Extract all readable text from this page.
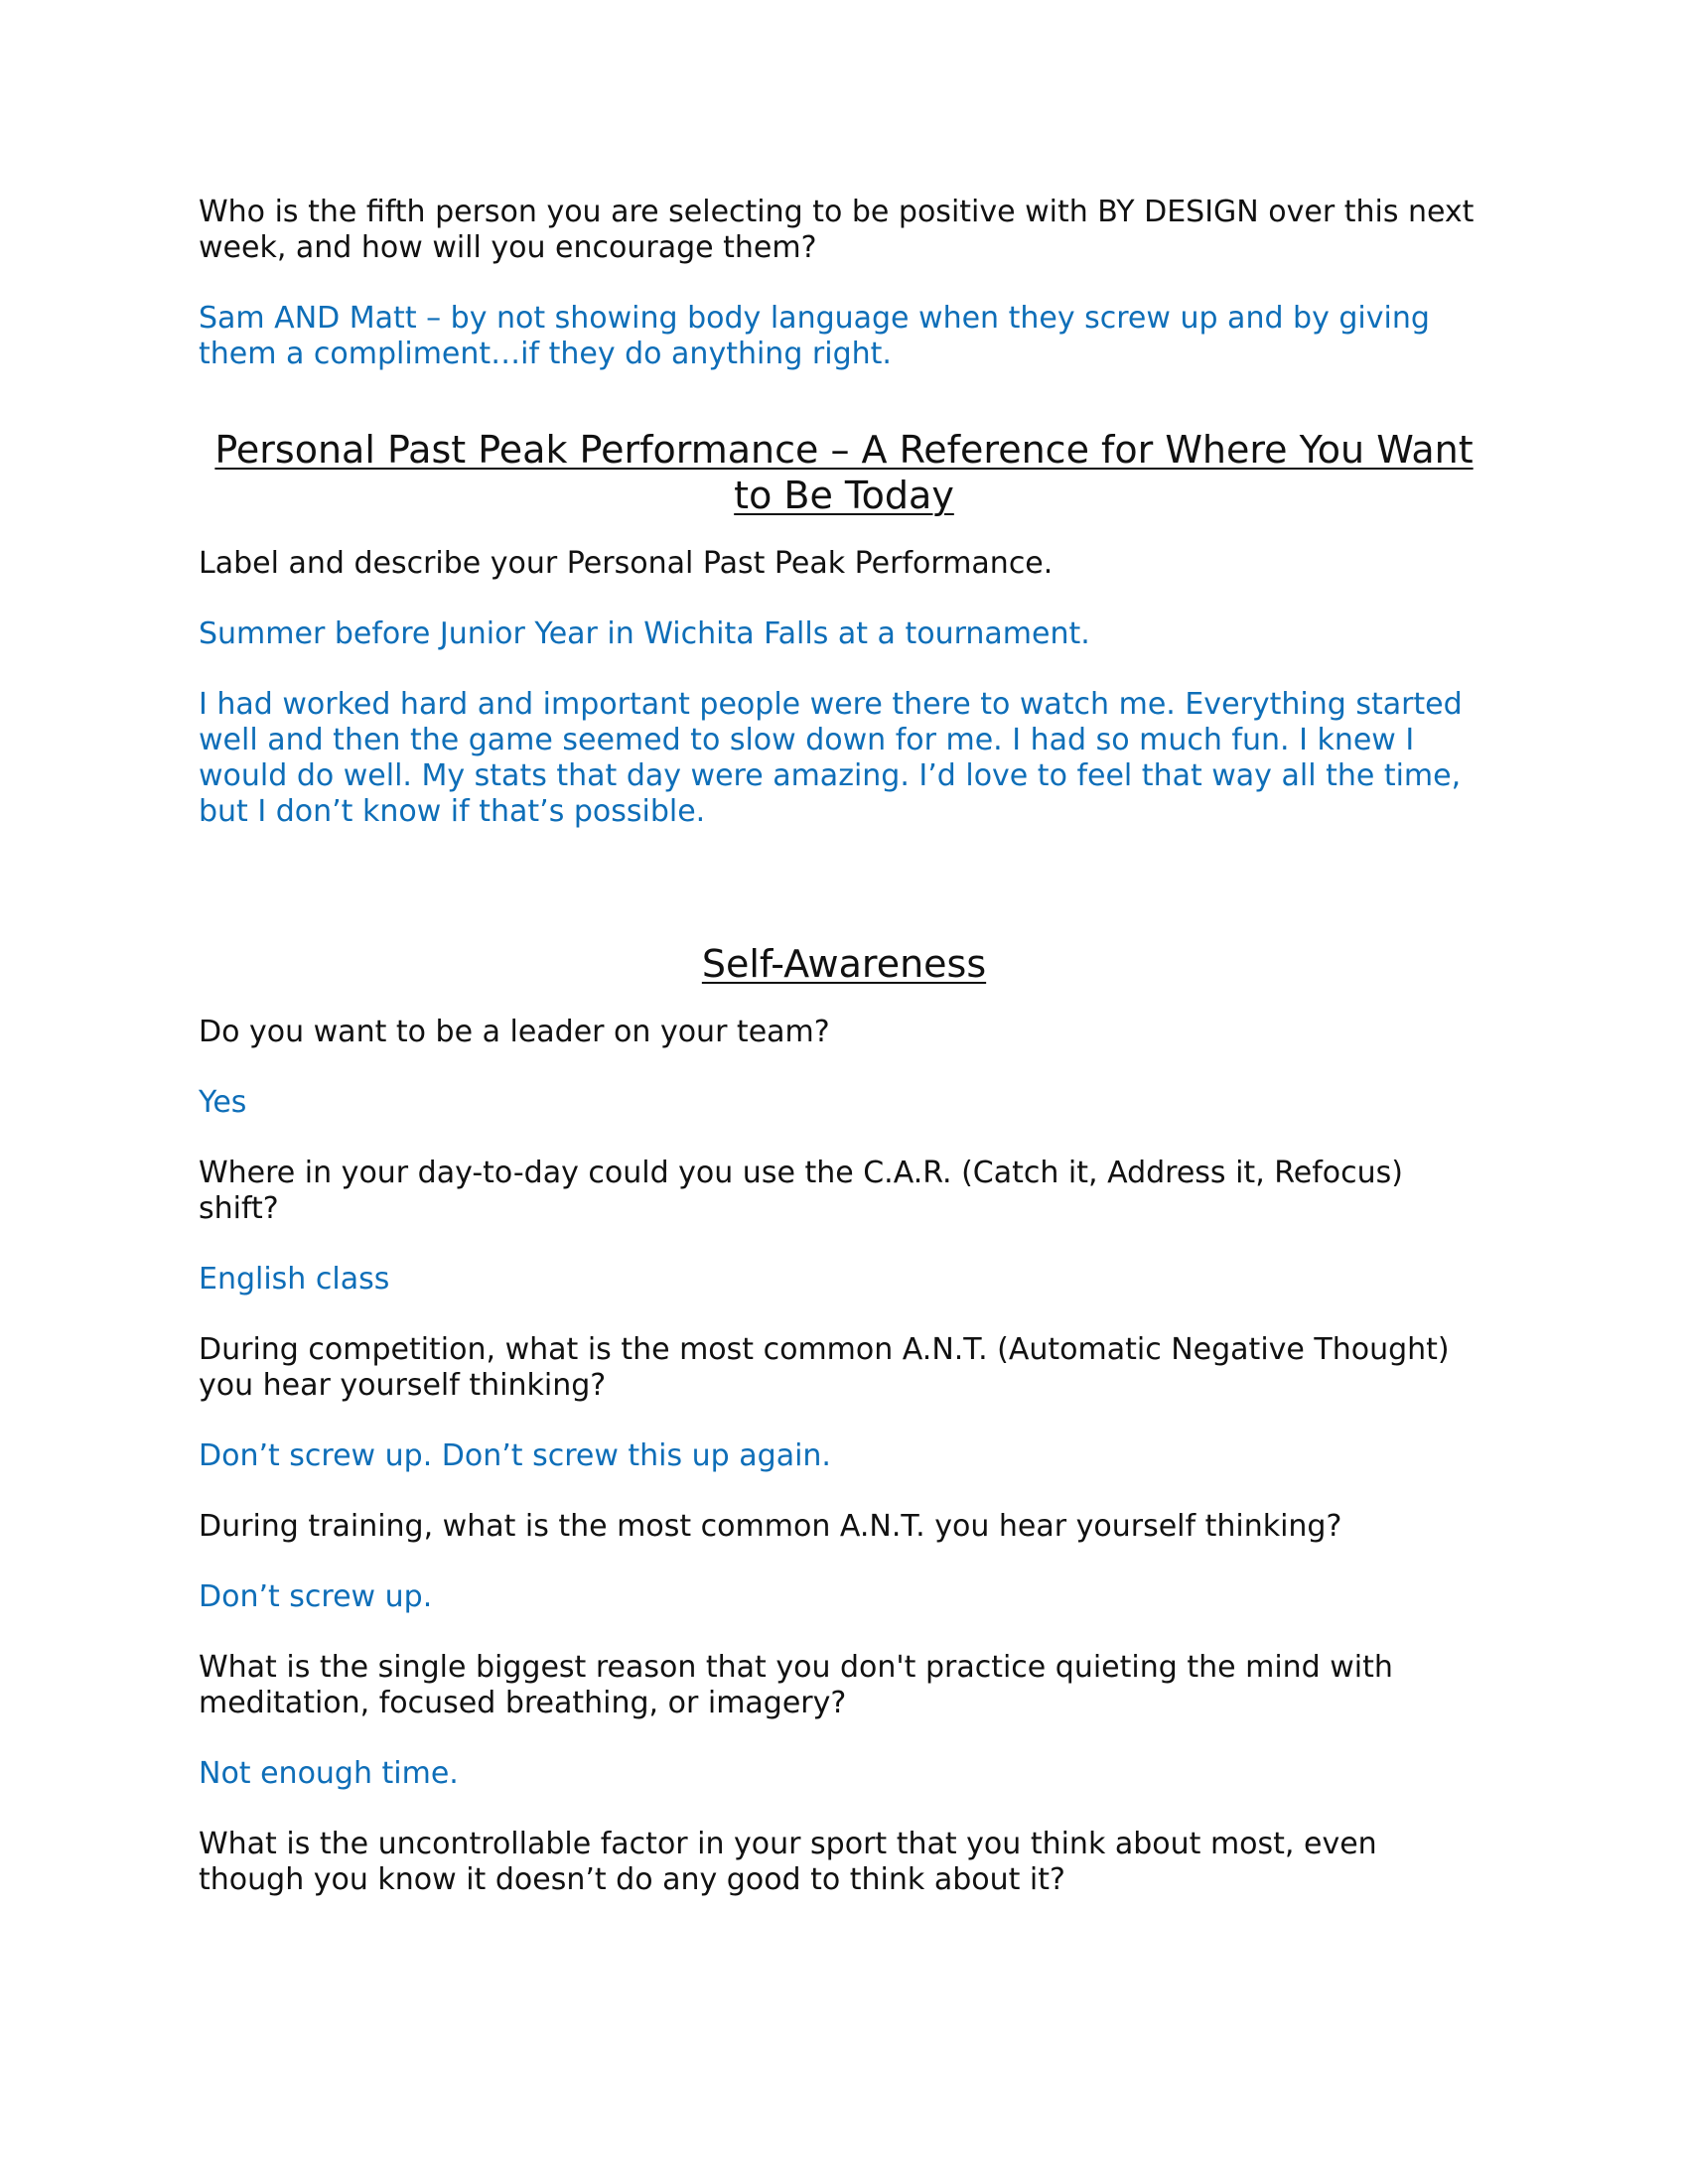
Who is the fifth person you are selecting to be positive with BY DESIGN over this next week, and how will you encourage them?

Sam AND Matt – by not showing body language when they screw up and by giving them a compliment…if they do anything right.

Personal Past Peak Performance – A Reference for Where You Want to Be Today

Label and describe your Personal Past Peak Performance.

Summer before Junior Year in Wichita Falls at a tournament.

I had worked hard and important people were there to watch me. Everything started well and then the game seemed to slow down for me. I had so much fun. I knew I would do well. My stats that day were amazing. I’d love to feel that way all the time, but I don’t know if that’s possible.

Self-Awareness

Do you want to be a leader on your team?

Yes

Where in your day-to-day could you use the C.A.R. (Catch it, Address it, Refocus) shift?

English class

During competition, what is the most common A.N.T. (Automatic Negative Thought) you hear yourself thinking?

Don’t screw up. Don’t screw this up again.

During training, what is the most common A.N.T. you hear yourself thinking?

Don’t screw up.

What is the single biggest reason that you don't practice quieting the mind with meditation, focused breathing, or imagery?

Not enough time.

What is the uncontrollable factor in your sport that you think about most, even though you know it doesn’t do any good to think about it?
